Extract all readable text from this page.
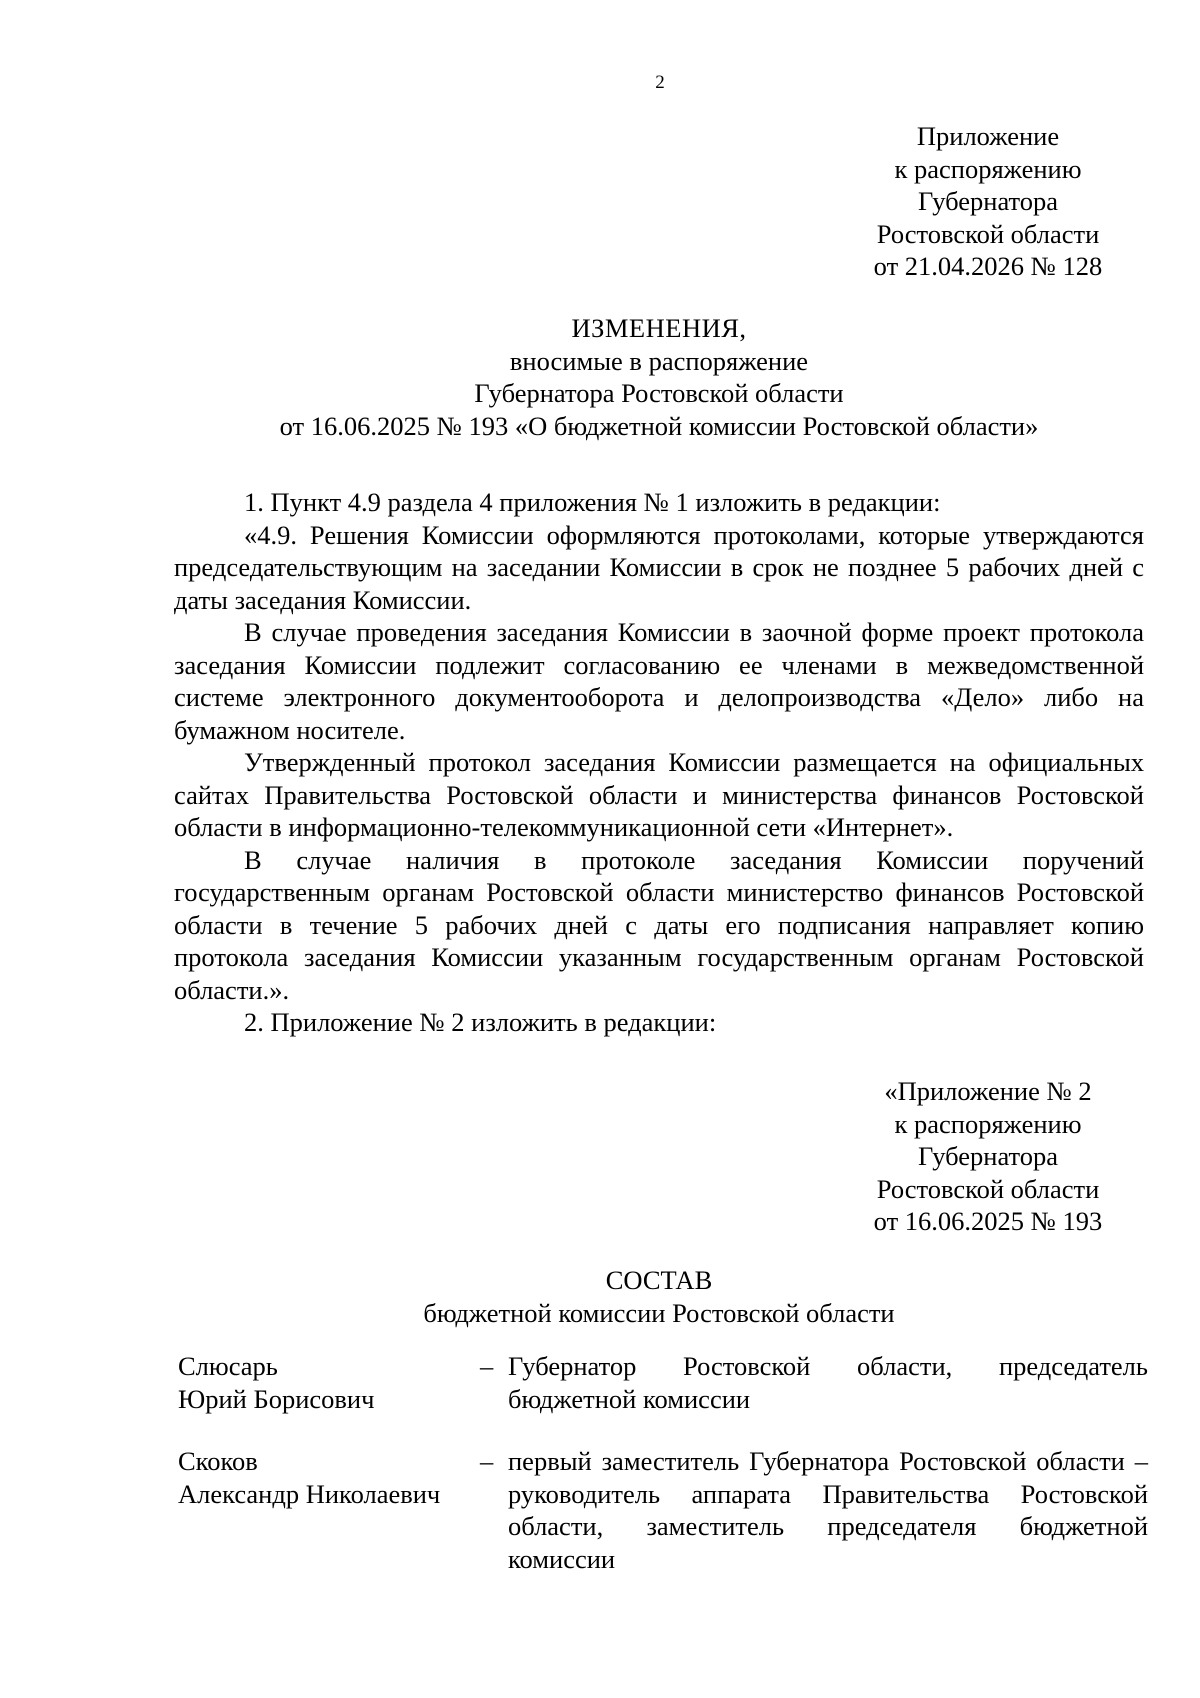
2
Приложение
к распоряжению
Губернатора
Ростовской области
от 21.04.2026 № 128
ИЗМЕНЕНИЯ,
вносимые в распоряжение
Губернатора Ростовской области
от 16.06.2025 № 193 «О бюджетной комиссии Ростовской области»

1. Пункт 4.9 раздела 4 приложения № 1 изложить в редакции:

«4.9. Решения Комиссии оформляются протоколами, которые утверждаются председательствующим на заседании Комиссии в срок не позднее 5 рабочих дней с даты заседания Комиссии.

В случае проведения заседания Комиссии в заочной форме проект протокола заседания Комиссии подлежит согласованию ее членами в межведомственной системе электронного документооборота и делопроизводства «Дело» либо на бумажном носителе.

Утвержденный протокол заседания Комиссии размещается на официальных сайтах Правительства Ростовской области и министерства финансов Ростовской области в информационно-телекоммуникационной сети «Интернет».

В случае наличия в протоколе заседания Комиссии поручений государственным органам Ростовской области министерство финансов Ростовской области в течение 5 рабочих дней с даты его подписания направляет копию протокола заседания Комиссии указанным государственным органам Ростовской области.».

2. Приложение № 2 изложить в редакции:

«Приложение № 2
к распоряжению
Губернатора
Ростовской области
от 16.06.2025 № 193
СОСТАВ
бюджетной комиссии Ростовской области
Слюсарь
Юрий Борисович
– Губернатор Ростовской области, председатель бюджетной комиссии
Скоков
Александр Николаевич
– первый заместитель Губернатора Ростовской области – руководитель аппарата Правительства Ростовской области, заместитель председателя бюджетной комиссии
